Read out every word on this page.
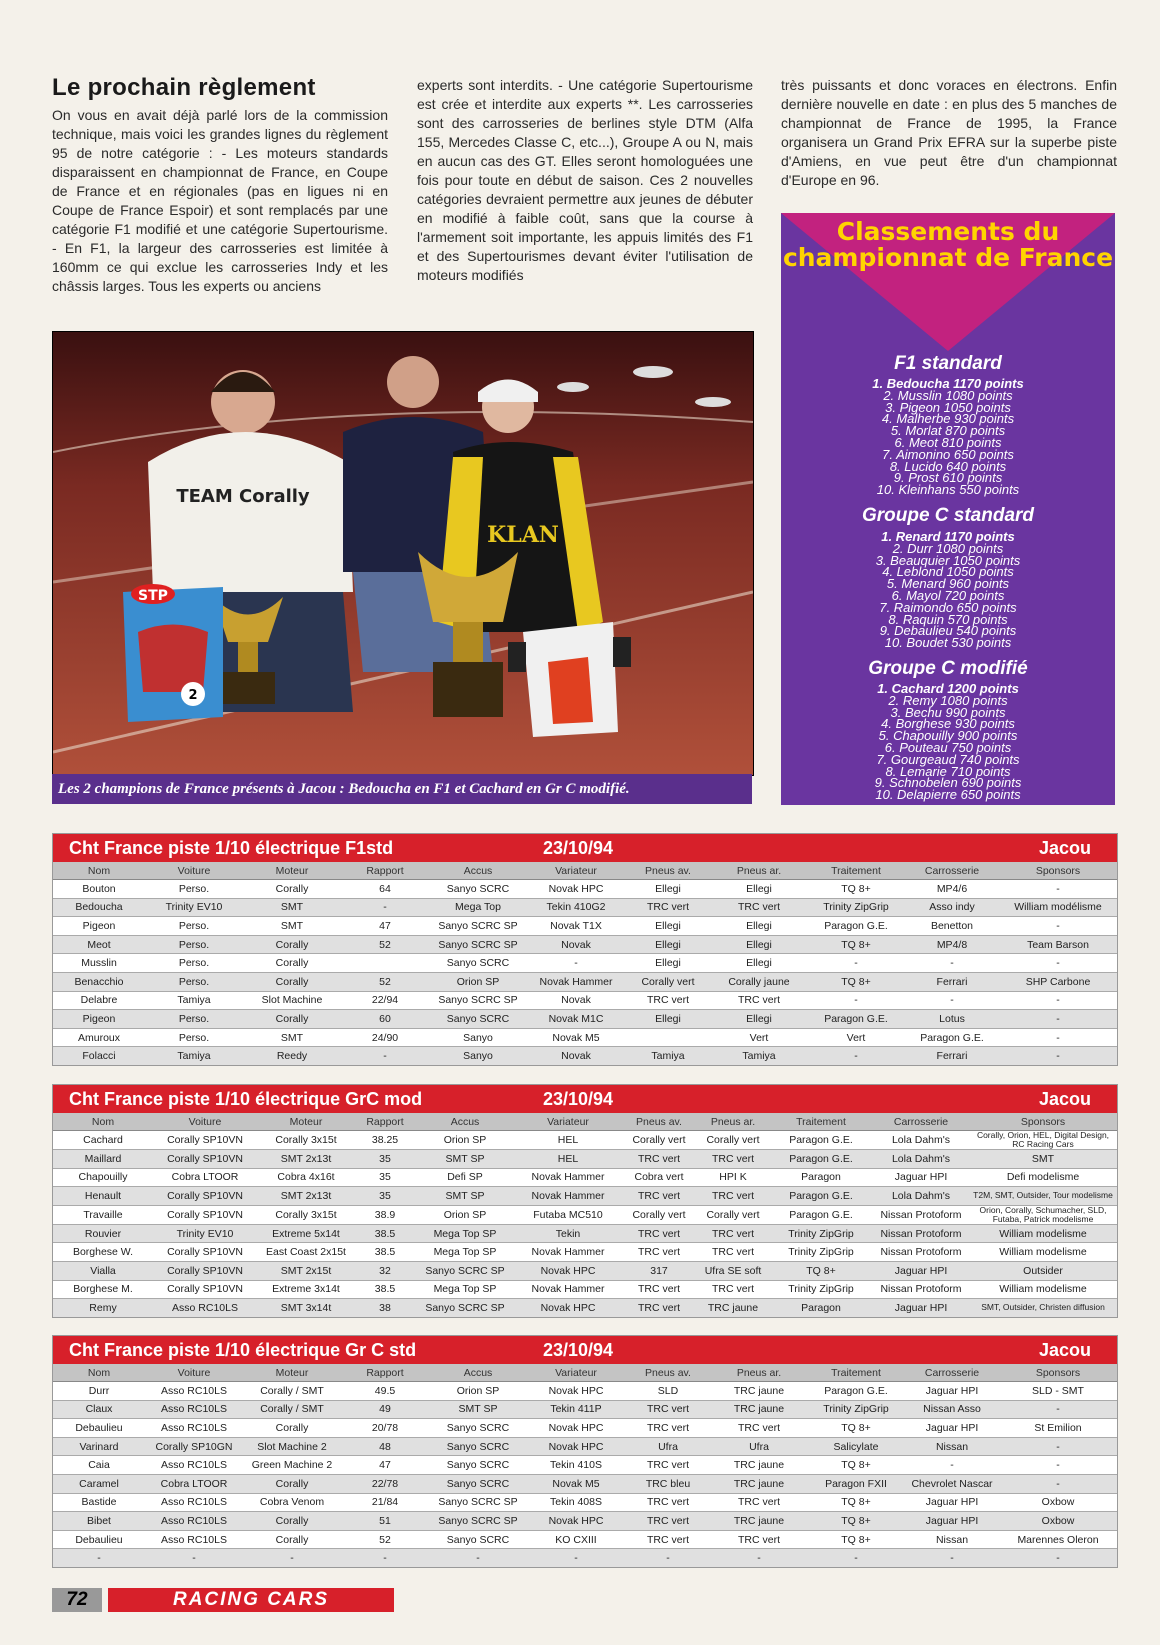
Le prochain règlement

On vous en avait déjà parlé lors de la commission technique, mais voici les grandes lignes du règlement 95 de notre catégorie : - Les moteurs standards disparaissent en championnat de France, en Coupe de France et en régionales (pas en ligues ni en Coupe de France Espoir) et sont remplacés par une catégorie F1 modifié et une catégorie Supertourisme. - En F1, la largeur des carrosseries est limitée à 160mm ce qui exclue les carrosseries Indy et les châssis larges. Tous les experts ou anciens

experts sont interdits. - Une catégorie Supertourisme est crée et interdite aux experts **. Les carrosseries sont des carrosseries de berlines style DTM (Alfa 155, Mercedes Classe C, etc...), Groupe A ou N, mais en aucun cas des GT. Elles seront homologuées une fois pour toute en début de saison. Ces 2 nouvelles catégories devraient permettre aux jeunes de débuter en modifié à faible coût, sans que la course à l'armement soit importante, les appuis limités des F1 et des Supertourismes devant éviter l'utilisation de moteurs modifiés

très puissants et donc voraces en électrons. Enfin dernière nouvelle en date : en plus des 5 manches de championnat de France de 1995, la France organisera un Grand Prix EFRA sur la superbe piste d'Amiens, en vue peut être d'un championnat d'Europe en 96.

TEAM Corally
KLAN
STP
2
Les 2 champions de France présents à Jacou : Bedoucha en F1 et Cachard en Gr C modifié.
Classements du championnat de France
F1 standard
1. Bedoucha 1170 points
2. Musslin 1080 points
3. Pigeon 1050 points
4. Malherbe 930 points
5. Morlat 870 points
6. Meot 810 points
7. Aimonino 650 points
8. Lucido 640 points
9. Prost 610 points
10. Kleinhans 550 points
Groupe C standard
1. Renard 1170 points
2. Durr 1080 points
3. Beauquier 1050 points
4. Leblond 1050 points
5. Menard 960 points
6. Mayol 720 points
7. Raimondo 650 points
8. Raquin 570 points
9. Debaulieu 540 points
10. Boudet 530 points
Groupe C modifié
1. Cachard 1200 points
2. Remy 1080 points
3. Bechu 990 points
4. Borghese 930 points
5. Chapouilly 900 points
6. Pouteau 750 points
7. Gourgeaud 740 points
8. Lemarie 710 points
9. Schnobelen 690 points
10. Delapierre 650 points
Cht France piste 1/10 électrique F1std	23/10/94	Jacou
Nom	Voiture	Moteur	Rapport	Accus	Variateur	Pneus av.	Pneus ar.	Traitement	Carrosserie	Sponsors
Bouton	Perso.	Corally	64	Sanyo SCRC	Novak HPC	Ellegi	Ellegi	TQ 8+	MP4/6	-
Bedoucha	Trinity EV10	SMT	-	Mega Top	Tekin 410G2	TRC vert	TRC vert	Trinity ZipGrip	Asso indy	William modélisme
Pigeon	Perso.	SMT	47	Sanyo SCRC SP	Novak T1X	Ellegi	Ellegi	Paragon G.E.	Benetton	-
Meot	Perso.	Corally	52	Sanyo SCRC SP	Novak	Ellegi	Ellegi	TQ 8+	MP4/8	Team Barson
Musslin	Perso.	Corally		Sanyo SCRC	-	Ellegi	Ellegi	-	-	-
Benacchio	Perso.	Corally	52	Orion SP	Novak Hammer	Corally vert	Corally jaune	TQ 8+	Ferrari	SHP Carbone
Delabre	Tamiya	Slot Machine	22/94	Sanyo SCRC SP	Novak	TRC vert	TRC vert	-	-	-
Pigeon	Perso.	Corally	60	Sanyo SCRC	Novak M1C	Ellegi	Ellegi	Paragon G.E.	Lotus	-
Amuroux	Perso.	SMT	24/90	Sanyo	Novak M5		Vert	Vert	Paragon G.E.	-
Folacci	Tamiya	Reedy	-	Sanyo	Novak	Tamiya	Tamiya	-	Ferrari	-
Cht France piste 1/10 électrique GrC mod	23/10/94	Jacou
Nom	Voiture	Moteur	Rapport	Accus	Variateur	Pneus av.	Pneus ar.	Traitement	Carrosserie	Sponsors
Cachard	Corally SP10VN	Corally 3x15t	38.25	Orion SP	HEL	Corally vert	Corally vert	Paragon G.E.	Lola Dahm's	Corally, Orion, HEL, Digital Design, RC Racing Cars
Maillard	Corally SP10VN	SMT 2x13t	35	SMT SP	HEL	TRC vert	TRC vert	Paragon G.E.	Lola Dahm's	SMT
Chapouilly	Cobra LTOOR	Cobra 4x16t	35	Defi SP	Novak Hammer	Cobra vert	HPI K	Paragon	Jaguar HPI	Defi modelisme
Henault	Corally SP10VN	SMT 2x13t	35	SMT SP	Novak Hammer	TRC vert	TRC vert	Paragon G.E.	Lola Dahm's	T2M, SMT, Outsider, Tour modelisme
Travaille	Corally SP10VN	Corally 3x15t	38.9	Orion SP	Futaba MC510	Corally vert	Corally vert	Paragon G.E.	Nissan Protoform	Orion, Corally, Schumacher, SLD, Futaba, Patrick modelisme
Rouvier	Trinity EV10	Extreme 5x14t	38.5	Mega Top SP	Tekin	TRC vert	TRC vert	Trinity ZipGrip	Nissan Protoform	William modelisme
Borghese W.	Corally SP10VN	East Coast 2x15t	38.5	Mega Top SP	Novak Hammer	TRC vert	TRC vert	Trinity ZipGrip	Nissan Protoform	William modelisme
Vialla	Corally SP10VN	SMT 2x15t	32	Sanyo SCRC SP	Novak HPC	317	Ufra SE soft	TQ 8+	Jaguar HPI	Outsider
Borghese M.	Corally SP10VN	Extreme 3x14t	38.5	Mega Top SP	Novak Hammer	TRC vert	TRC vert	Trinity ZipGrip	Nissan Protoform	William modelisme
Remy	Asso RC10LS	SMT 3x14t	38	Sanyo SCRC SP	Novak HPC	TRC vert	TRC jaune	Paragon	Jaguar HPI	SMT, Outsider, Christen diffusion
Cht France piste 1/10 électrique Gr C std	23/10/94	Jacou
Nom	Voiture	Moteur	Rapport	Accus	Variateur	Pneus av.	Pneus ar.	Traitement	Carrosserie	Sponsors
Durr	Asso RC10LS	Corally / SMT	49.5	Orion SP	Novak HPC	SLD	TRC jaune	Paragon G.E.	Jaguar HPI	SLD - SMT
Claux	Asso RC10LS	Corally / SMT	49	SMT SP	Tekin 411P	TRC vert	TRC jaune	Trinity ZipGrip	Nissan Asso	-
Debaulieu	Asso RC10LS	Corally	20/78	Sanyo SCRC	Novak HPC	TRC vert	TRC vert	TQ 8+	Jaguar HPI	St Emilion
Varinard	Corally SP10GN	Slot Machine 2	48	Sanyo SCRC	Novak HPC	Ufra	Ufra	Salicylate	Nissan	-
Caia	Asso RC10LS	Green Machine 2	47	Sanyo SCRC	Tekin 410S	TRC vert	TRC jaune	TQ 8+	-	-
Caramel	Cobra LTOOR	Corally	22/78	Sanyo SCRC	Novak M5	TRC bleu	TRC jaune	Paragon FXII	Chevrolet Nascar	-
Bastide	Asso RC10LS	Cobra Venom	21/84	Sanyo SCRC SP	Tekin 408S	TRC vert	TRC vert	TQ 8+	Jaguar HPI	Oxbow
Bibet	Asso RC10LS	Corally	51	Sanyo SCRC SP	Novak HPC	TRC vert	TRC jaune	TQ 8+	Jaguar HPI	Oxbow
Debaulieu	Asso RC10LS	Corally	52	Sanyo SCRC	KO CXIII	TRC vert	TRC vert	TQ 8+	Nissan	Marennes Oleron
-	-	-	-	-	-	-	-	-	-	-
72	RACING CARS
